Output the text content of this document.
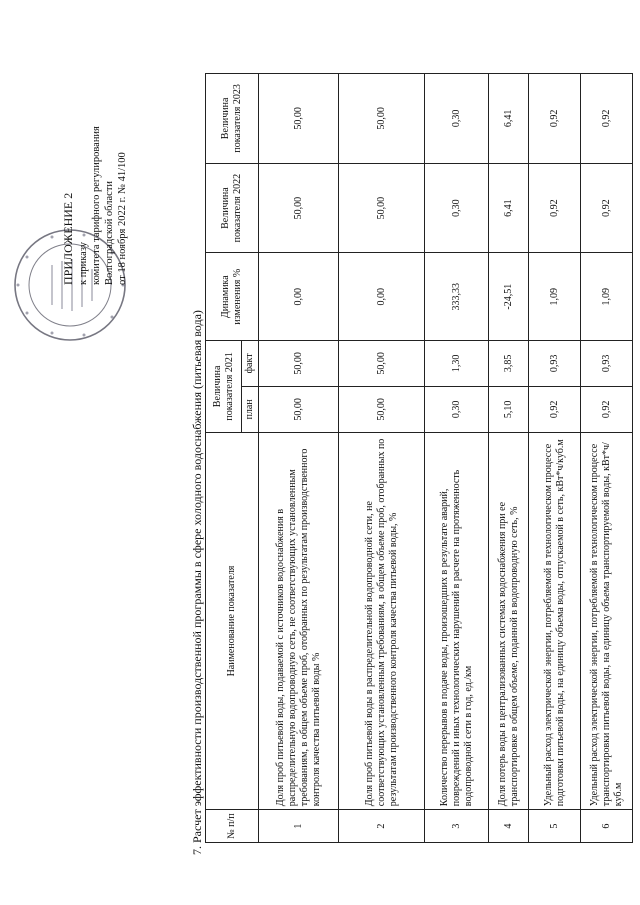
ПРИЛОЖЕНИЕ 2 к приказу комитета тарифного регулирования Волгоградской области от 18 ноября 2022 г. № 41/100
7. Расчет эффективности производственной программы в сфере холодного водоснабжения (питьевая вода) № п/п	Наименование показателя	Величина показателя 2021		Динамика изменения %	Величина показателя 2022	Величина показателя 2023
		план	факт			
1	Доля проб питьевой воды, подаваемой с источников водоснабжения в распределительную водопроводную сеть, не соответствующих установленным требованиям, в общем объеме проб, отобранных по результатам производственного контроля качества питьевой воды %	50,00	50,00	0,00	50,00	50,00
2	Доля проб питьевой воды в распределительной водопроводной сети, не соответствующих установленным требованиям, в общем объеме проб, отобранных по результатам производственного контроля качества питьевой воды, %	50,00	50,00	0,00	50,00	50,00
3	Количество перерывов в подаче воды, произошедших в результате аварий, повреждений и иных технологических нарушений в расчете на протяженность водопроводной сети в год, ед./км	0,30	1,30	333,33	0,30	0,30
4	Доля потерь воды в централизованных системах водоснабжения при ее транспортировке в общем объеме, поданной в водопроводную сеть, %	5,10	3,85	-24,51	6,41	6,41
5	Удельный расход электрической энергии, потребляемой в технологическом процессе подготовки питьевой воды, на единицу объема воды, отпускаемой в сеть, кВт*ч/куб.м	0,92	0,93	1,09	0,92	0,92
6	Удельный расход электрической энергии, потребляемой в технологическом процессе транспортировки питьевой воды, на единицу объема транспортируемой воды, кВт*ч/куб.м	0,92	0,93	1,09	0,92	0,92
